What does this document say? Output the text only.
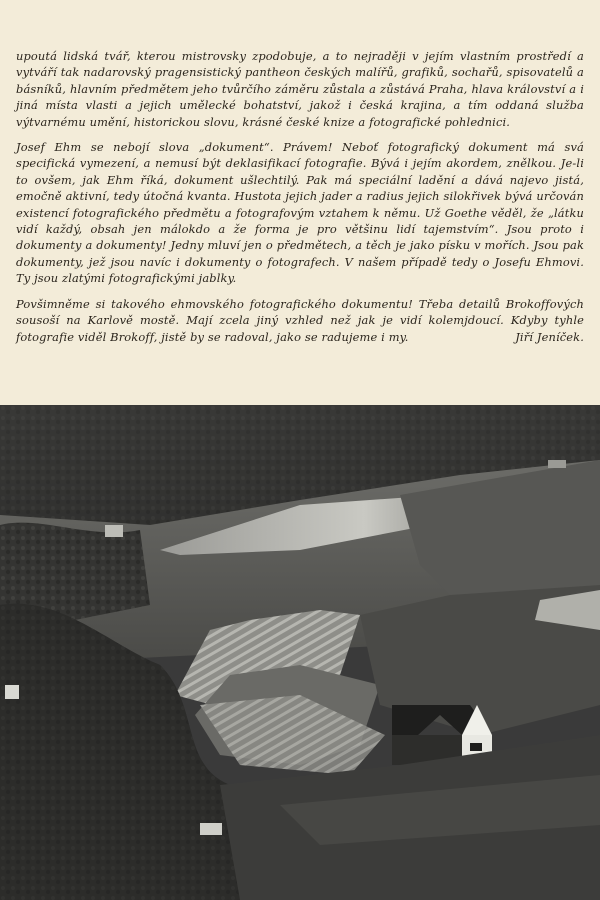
upoutá lidská tvář, kterou mistrovsky zpodobuje, a to nejraději v jejím vlastním prostředí a vytváří tak nadarovský pragensistický pantheon českých malířů, grafiků, sochařů, spisovatelů a básníků, hlavním předmětem jeho tvůrčího záměru zůstala a zůstává Praha, hlava království a i jiná místa vlasti a jejich umělecké bohatství, jakož i česká krajina, a tím oddaná služba výtvarnému umění, historickou slovu, krásné české knize a fotografické pohlednici.

Josef Ehm se nebojí slova „dokument“. Právem! Neboť fotografický dokument má svá specifická vymezení, a nemusí být deklasifikací fotografie. Bývá i jejím akordem, znělkou. Je-li to ovšem, jak Ehm říká, dokument ušlechtilý. Pak má speciální ladění a dává najevo jistá, emočně aktivní, tedy útočná kvanta. Hustota jejich jader a radius jejich silokřivek bývá určován existencí fotografického předmětu a fotografovým vztahem k němu. Už Goethe věděl, že „látku vidí každý, obsah jen málokdo a že forma je pro většinu lidí tajemstvím“. Jsou proto i dokumenty a dokumenty! Jedny mluví jen o předmětech, a těch je jako písku v mořích. Jsou pak dokumenty, jež jsou navíc i dokumenty o fotografech. V našem případě tedy o Josefu Ehmovi. Ty jsou zlatými fotografickými jablky.

Povšimněme si takového ehmovského fotografického dokumentu! Třeba detailů Brokoffových sousoší na Karlově mostě. Mají zcela jiný vzhled než jak je vidí kolemjdoucí. Kdyby tyhle fotografie viděl Brokoff, jistě by se radoval, jako se radujeme i my.	Jiří Jeníček.
